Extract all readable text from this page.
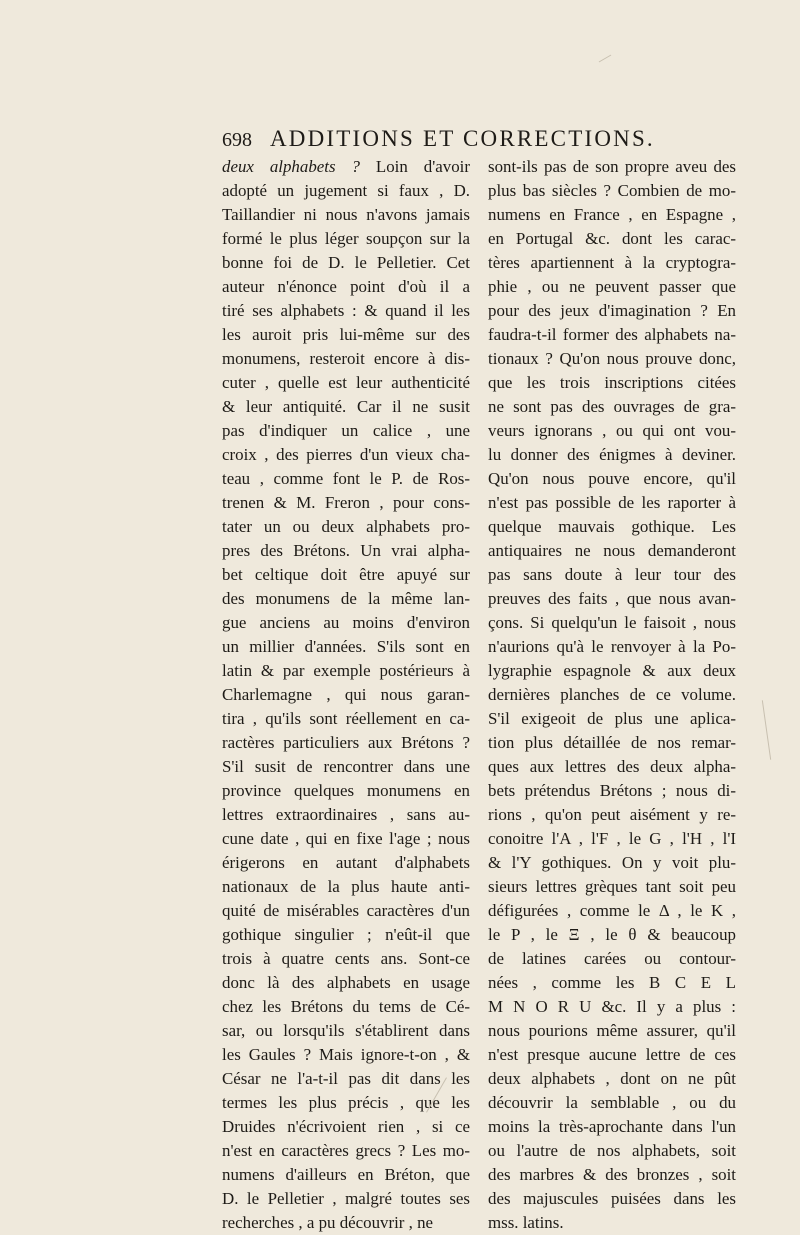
698 ADDITIONS ET CORRECTIONS.
deux alphabets ? Loin d'avoir
adopté un jugement si faux , D.
Taillandier ni nous n'avons jamais
formé le plus léger soupçon sur la
bonne foi de D. le Pelletier. Cet
auteur n'énonce point d'où il a
tiré ses alphabets : & quand il les
les auroit pris lui-même sur des
monumens, resteroit encore à dis-
cuter , quelle est leur authenticité
& leur antiquité. Car il ne susit
pas d'indiquer un calice , une
croix , des pierres d'un vieux cha-
teau , comme font le P. de Ros-
trenen & M. Freron , pour cons-
tater un ou deux alphabets pro-
pres des Brétons. Un vrai alpha-
bet celtique doit être apuyé sur
des monumens de la même lan-
gue anciens au moins d'environ
un millier d'années. S'ils sont en
latin & par exemple postérieurs à
Charlemagne , qui nous garan-
tira , qu'ils sont réellement en ca-
ractères particuliers aux Brétons ?
S'il susit de rencontrer dans une
province quelques monumens en
lettres extraordinaires , sans au-
cune date , qui en fixe l'age ; nous
érigerons en autant d'alphabets
nationaux de la plus haute anti-
quité de misérables caractères d'un
gothique singulier ; n'eût-il que
trois à quatre cents ans. Sont-ce
donc là des alphabets en usage
chez les Brétons du tems de Cé-
sar, ou lorsqu'ils s'établirent dans
les Gaules ? Mais ignore-t-on , &
César ne l'a-t-il pas dit dans les
termes les plus précis , que les
Druides n'écrivoient rien , si ce
n'est en caractères grecs ? Les mo-
numens d'ailleurs en Bréton, que
D. le Pelletier , malgré toutes ses
recherches , a pu découvrir , ne
sont-ils pas de son propre aveu des
plus bas siècles ? Combien de mo-
numens en France , en Espagne ,
en Portugal &c. dont les carac-
tères apartiennent à la cryptogra-
phie , ou ne peuvent passer que
pour des jeux d'imagination ? En
faudra-t-il former des alphabets na-
tionaux ? Qu'on nous prouve donc,
que les trois inscriptions citées
ne sont pas des ouvrages de gra-
veurs ignorans , ou qui ont vou-
lu donner des énigmes à deviner.
Qu'on nous pouve encore, qu'il
n'est pas possible de les raporter à
quelque mauvais gothique. Les
antiquaires ne nous demanderont
pas sans doute à leur tour des
preuves des faits , que nous avan-
çons. Si quelqu'un le faisoit , nous
n'aurions qu'à le renvoyer à la Po-
lygraphie espagnole & aux deux
dernières planches de ce volume.
S'il exigeoit de plus une aplica-
tion plus détaillée de nos remar-
ques aux lettres des deux alpha-
bets prétendus Brétons ; nous di-
rions , qu'on peut aisément y re-
conoitre l'A , l'F , le G , l'H , l'I
& l'Y gothiques. On y voit plu-
sieurs lettres grèques tant soit peu
défigurées , comme le Δ , le K ,
le P , le Ξ , le θ & beaucoup
de latines carées ou contour-
nées , comme les B C E L
M N O R U &c. Il y a plus :
nous pourions même assurer, qu'il
n'est presque aucune lettre de ces
deux alphabets , dont on ne pût
découvrir la semblable , ou du
moins la très-aprochante dans l'un
ou l'autre de nos alphabets, soit
des marbres & des bronzes , soit
des majuscules puisées dans les
mss. latins.
